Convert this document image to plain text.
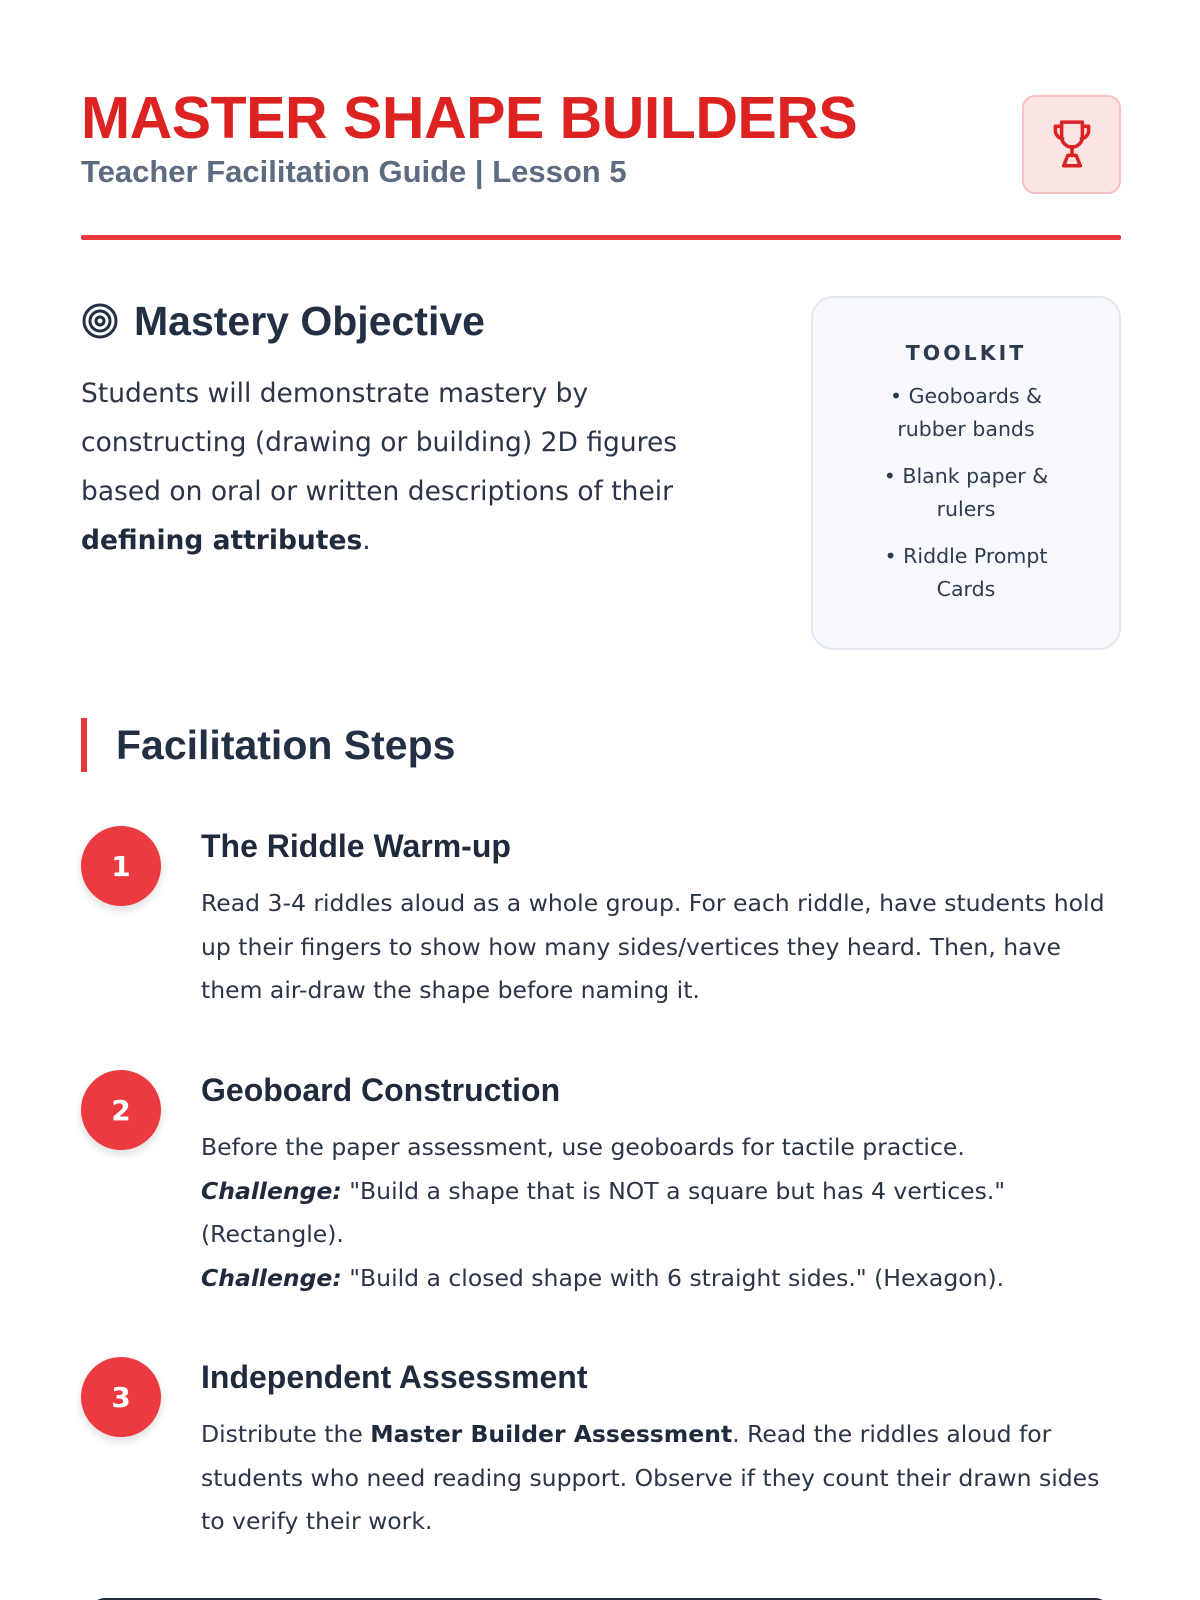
MASTER SHAPE BUILDERS
Teacher Facilitation Guide | Lesson 5
Mastery Objective

Students will demonstrate mastery by constructing (drawing or building) 2D figures based on oral or written descriptions of their defining attributes.

TOOLKIT
• Geoboards & rubber bands
• Blank paper & rulers
• Riddle Prompt Cards
Facilitation Steps
1
The Riddle Warm-up

Read 3-4 riddles aloud as a whole group. For each riddle, have students hold up their fingers to show how many sides/vertices they heard. Then, have them air-draw the shape before naming it.

2
Geoboard Construction

Before the paper assessment, use geoboards for tactile practice.
Challenge: "Build a shape that is NOT a square but has 4 vertices." (Rectangle).
Challenge: "Build a closed shape with 6 straight sides." (Hexagon).

3
Independent Assessment

Distribute the Master Builder Assessment. Read the riddles aloud for students who need reading support. Observe if they count their drawn sides to verify their work.
